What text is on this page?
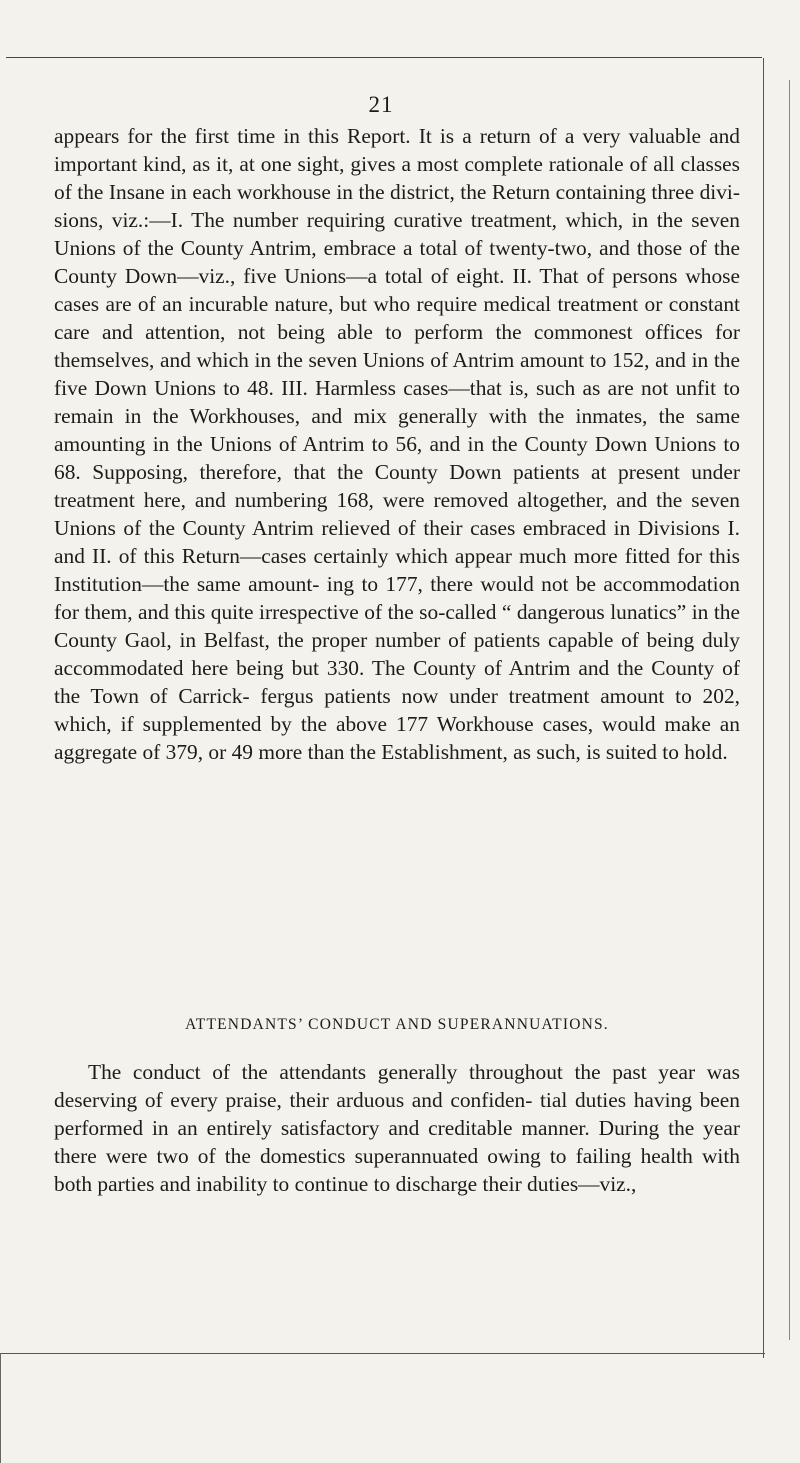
21

appears for the first time in this Report. It is a return of a very valuable and important kind, as it, at one sight, gives a most complete rationale of all classes of the Insane in each workhouse in the district, the Return containing three divi- sions, viz.:—I. The number requiring curative treatment, which, in the seven Unions of the County Antrim, embrace a total of twenty-two, and those of the County Down—viz., five Unions—a total of eight. II. That of persons whose cases are of an incurable nature, but who require medical treatment or constant care and attention, not being able to perform the commonest offices for themselves, and which in the seven Unions of Antrim amount to 152, and in the five Down Unions to 48. III. Harmless cases—that is, such as are not unfit to remain in the Workhouses, and mix generally with the inmates, the same amounting in the Unions of Antrim to 56, and in the County Down Unions to 68. Supposing, therefore, that the County Down patients at present under treatment here, and numbering 168, were removed altogether, and the seven Unions of the County Antrim relieved of their cases embraced in Divisions I. and II. of this Return—cases certainly which appear much more fitted for this Institution—the same amount- ing to 177, there would not be accommodation for them, and this quite irrespective of the so-called “ dangerous lunatics” in the County Gaol, in Belfast, the proper number of patients capable of being duly accommodated here being but 330. The County of Antrim and the County of the Town of Carrick- fergus patients now under treatment amount to 202, which, if supplemented by the above 177 Workhouse cases, would make an aggregate of 379, or 49 more than the Establishment, as such, is suited to hold.

ATTENDANTS’ CONDUCT AND SUPERANNUATIONS.

The conduct of the attendants generally throughout the past year was deserving of every praise, their arduous and confiden- tial duties having been performed in an entirely satisfactory and creditable manner. During the year there were two of the domestics superannuated owing to failing health with both parties and inability to continue to discharge their duties—viz.,
